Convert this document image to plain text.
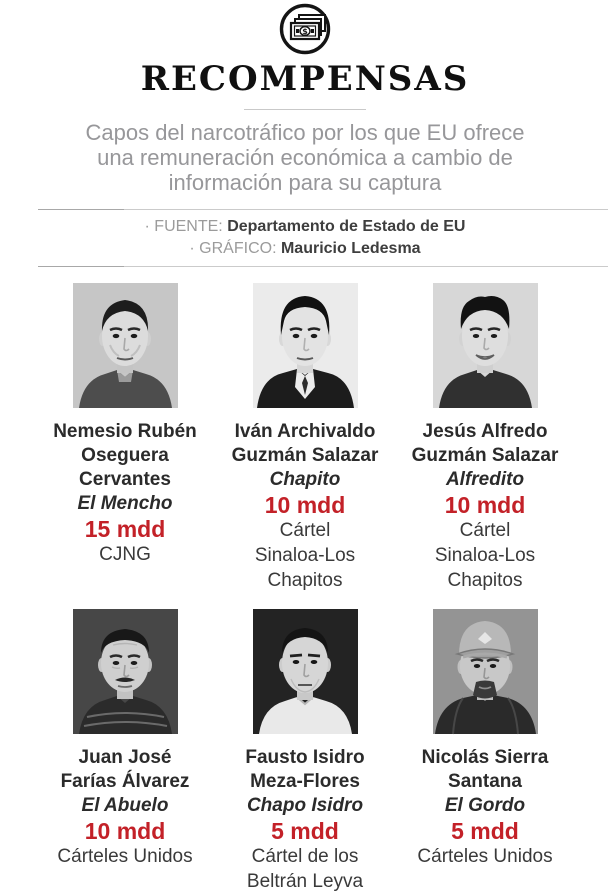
$
RECOMPENSAS
Capos del narcotráfico por los que EU ofrece
una remuneración económica a cambio de
información para su captura
· FUENTE: Departamento de Estado de EU
· GRÁFICO: Mauricio Ledesma
Nemesio Rubén
Oseguera Cervantes
El Mencho
15 mdd
CJNG
Iván Archivaldo
Guzmán Salazar
Chapito
10 mdd
Cártel
Sinaloa-Los Chapitos
Jesús Alfredo
Guzmán Salazar
Alfredito
10 mdd
Cártel
Sinaloa-Los Chapitos
Juan José
Farías Álvarez
El Abuelo
10 mdd
Cárteles Unidos
Fausto Isidro
Meza-Flores
Chapo Isidro
5 mdd
Cártel de los
Beltrán Leyva
Nicolás Sierra
Santana
El Gordo
5 mdd
Cárteles Unidos
